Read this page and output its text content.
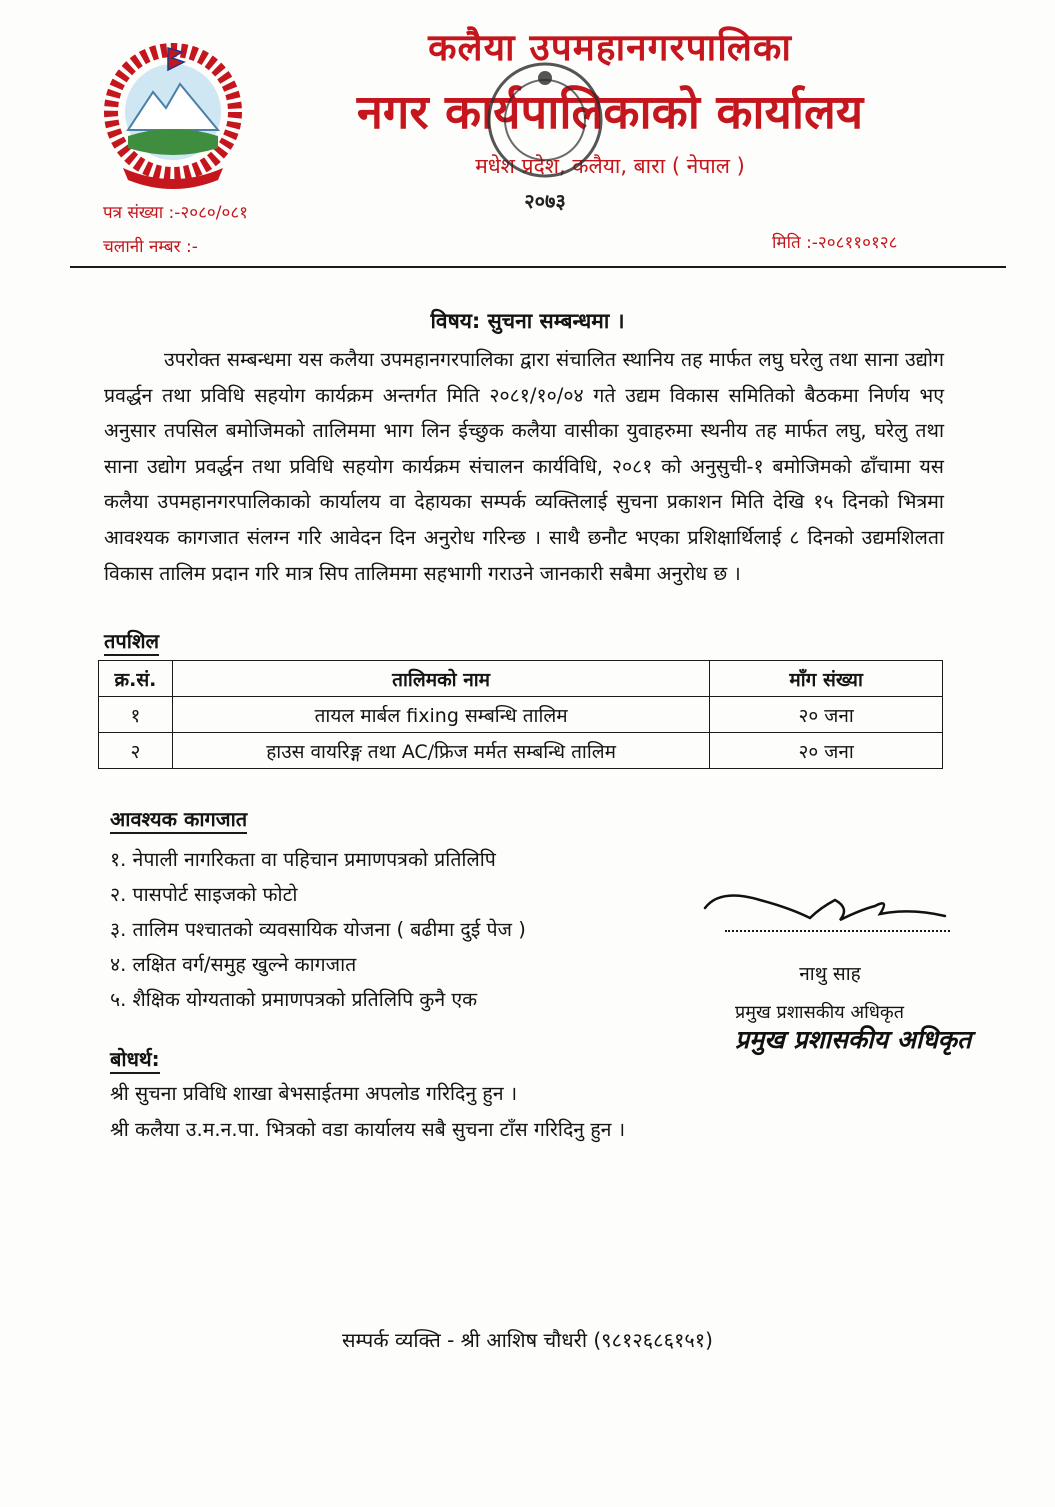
कलैया उपमहानगरपालिका
नगर कार्यपालिकाको कार्यालय
मधेश प्रदेश, कलैया, बारा ( नेपाल )
२०७३
पत्र संख्या :-२०८०/०८१
चलानी नम्बर :-	मिति :-२०८११०१२८
विषय: सुचना सम्बन्धमा ।
उपरोक्त सम्बन्धमा यस कलैया उपमहानगरपालिका द्वारा संचालित स्थानिय तह मार्फत लघु घरेलु तथा साना उद्योग प्रवर्द्धन तथा प्रविधि सहयोग कार्यक्रम अन्तर्गत मिति २०८१/१०/०४ गते उद्यम विकास समितिको बैठकमा निर्णय भए अनुसार तपसिल बमोजिमको तालिममा भाग लिन ईच्छुक कलैया वासीका युवाहरुमा स्थनीय तह मार्फत लघु, घरेलु तथा साना उद्योग प्रवर्द्धन तथा प्रविधि सहयोग कार्यक्रम संचालन कार्यविधि, २०८१ को अनुसुची-१ बमोजिमको ढाँचामा यस कलैया उपमहानगरपालिकाको कार्यालय वा देहायका सम्पर्क व्यक्तिलाई सुचना प्रकाशन मिति देखि १५ दिनको भित्रमा आवश्यक कागजात संलग्न गरि आवेदन दिन अनुरोध गरिन्छ । साथै छनौट भएका प्रशिक्षार्थिलाई ८ दिनको उद्यमशिलता विकास तालिम प्रदान गरि मात्र सिप तालिममा सहभागी गराउने जानकारी सबैमा अनुरोध छ ।
तपशिल
क्र.सं.	तालिमको नाम	माँग संख्या
१	तायल मार्बल fixing सम्बन्धि तालिम	२० जना
२	हाउस वायरिङ्ग तथा AC/फ्रिज मर्मत सम्बन्धि तालिम	२० जना
आवश्यक कागजात
१. नेपाली नागरिकता वा पहिचान प्रमाणपत्रको प्रतिलिपि
२. पासपोर्ट साइजको फोटो
३. तालिम पश्चातको व्यवसायिक योजना ( बढीमा दुई पेज )
४. लक्षित वर्ग/समुह खुल्ने कागजात
५. शैक्षिक योग्यताको प्रमाणपत्रको प्रतिलिपि कुनै एक
नाथु साह
प्रमुख प्रशासकीय अधिकृत
प्रमुख प्रशासकीय अधिकृत
बोधर्थ:
श्री सुचना प्रविधि शाखा बेभसाईतमा अपलोड गरिदिनु हुन ।
श्री कलैया उ.म.न.पा. भित्रको वडा कार्यालय सबै सुचना टाँस गरिदिनु हुन ।
सम्पर्क व्यक्ति - श्री आशिष चौधरी (९८१२६८६१५१)
